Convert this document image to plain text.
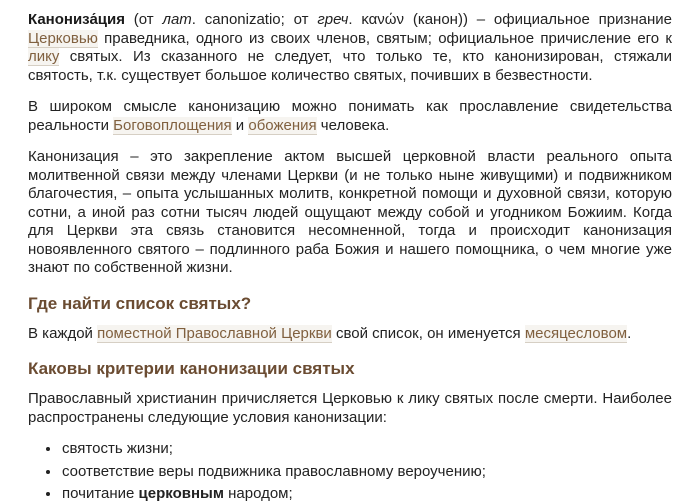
Канониза́ция (от лат. canonizatio; от греч. κανών (канон)) – официальное признание Церковью праведника, одного из своих членов, святым; официальное причисление его к лику святых. Из сказанного не следует, что только те, кто канонизирован, стяжали святость, т.к. существует большое количество святых, почивших в безвестности.

В широком смысле канонизацию можно понимать как прославление свидетельства реальности Боговоплощения и обожения человека.

Канонизация – это закрепление актом высшей церковной власти реального опыта молитвенной связи между членами Церкви (и не только ныне живущими) и подвижником благочестия, – опыта услышанных молитв, конкретной помощи и духовной связи, которую сотни, а иной раз сотни тысяч людей ощущают между собой и угодником Божиим. Когда для Церкви эта связь становится несомненной, тогда и происходит канонизация новоявленного святого – подлинного раба Божия и нашего помощника, о чем многие уже знают по собственной жизни.

Где найти список святых?

В каждой поместной Православной Церкви свой список, он именуется месяцесловом.

Каковы критерии канонизации святых

Православный христианин причисляется Церковью к лику святых после смерти. Наиболее распространены следующие условия канонизации:

• святость жизни;
• соответствие веры подвижника православному вероучению;
• почитание церковным народом;
